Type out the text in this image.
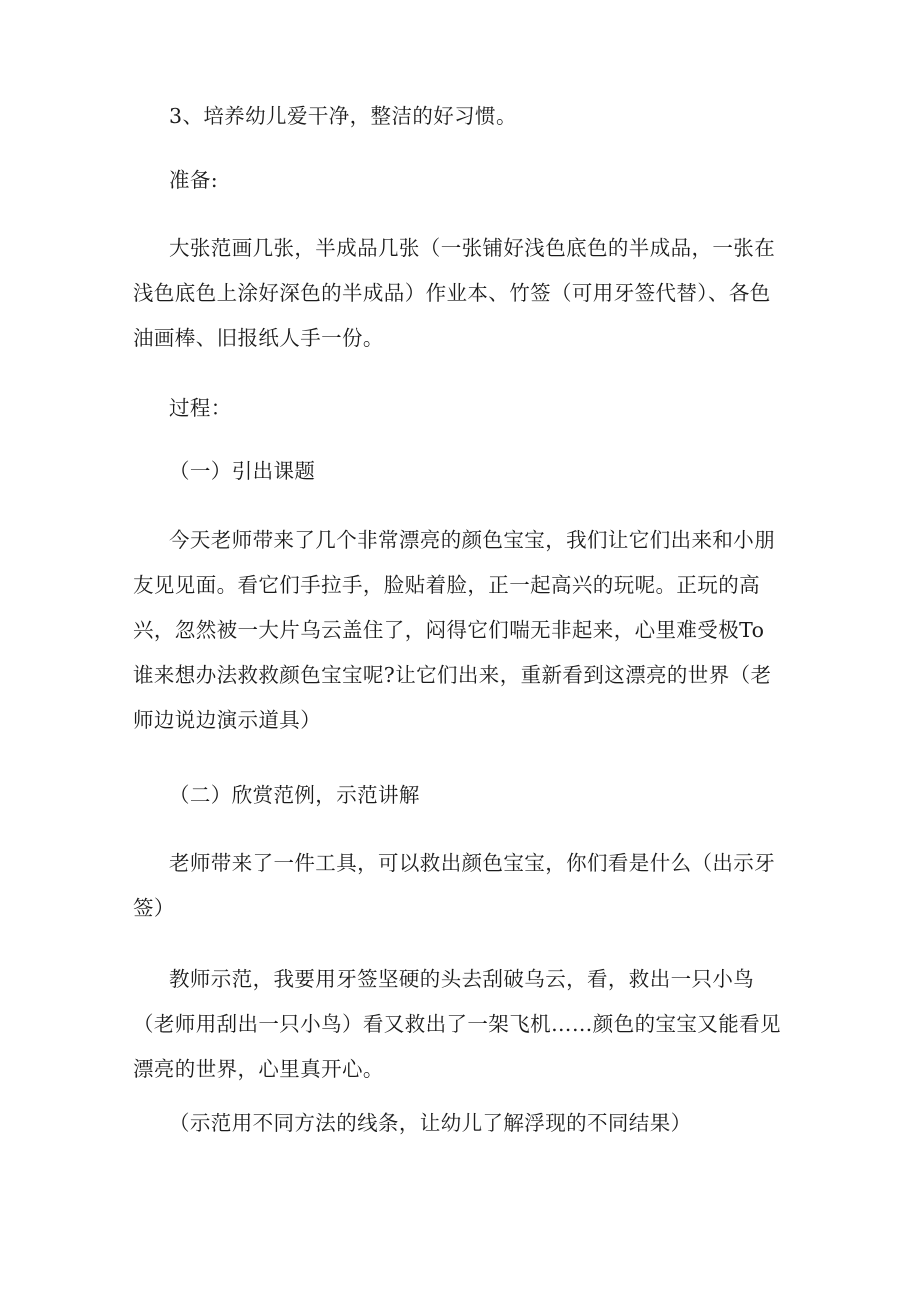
3、培养幼儿爱干净，整洁的好习惯。

准备:

大张范画几张，半成品几张（一张铺好浅色底色的半成品，一张在浅色底色上涂好深色的半成品）作业本、竹签（可用牙签代替）、各色油画棒、旧报纸人手一份。

过程：

（一）引出课题

今天老师带来了几个非常漂亮的颜色宝宝，我们让它们出来和小朋友见见面。看它们手拉手，脸贴着脸，正一起高兴的玩呢。正玩的高兴，忽然被一大片乌云盖住了，闷得它们喘无非起来，心里难受极To谁来想办法救救颜色宝宝呢?让它们出来，重新看到这漂亮的世界（老师边说边演示道具）

（二）欣赏范例，示范讲解

老师带来了一件工具，可以救出颜色宝宝，你们看是什么（出示牙签）

教师示范，我要用牙签坚硬的头去刮破乌云，看，救出一只小鸟（老师用刮出一只小鸟）看又救出了一架飞机……颜色的宝宝又能看见漂亮的世界，心里真开心。

（示范用不同方法的线条，让幼儿了解浮现的不同结果）
